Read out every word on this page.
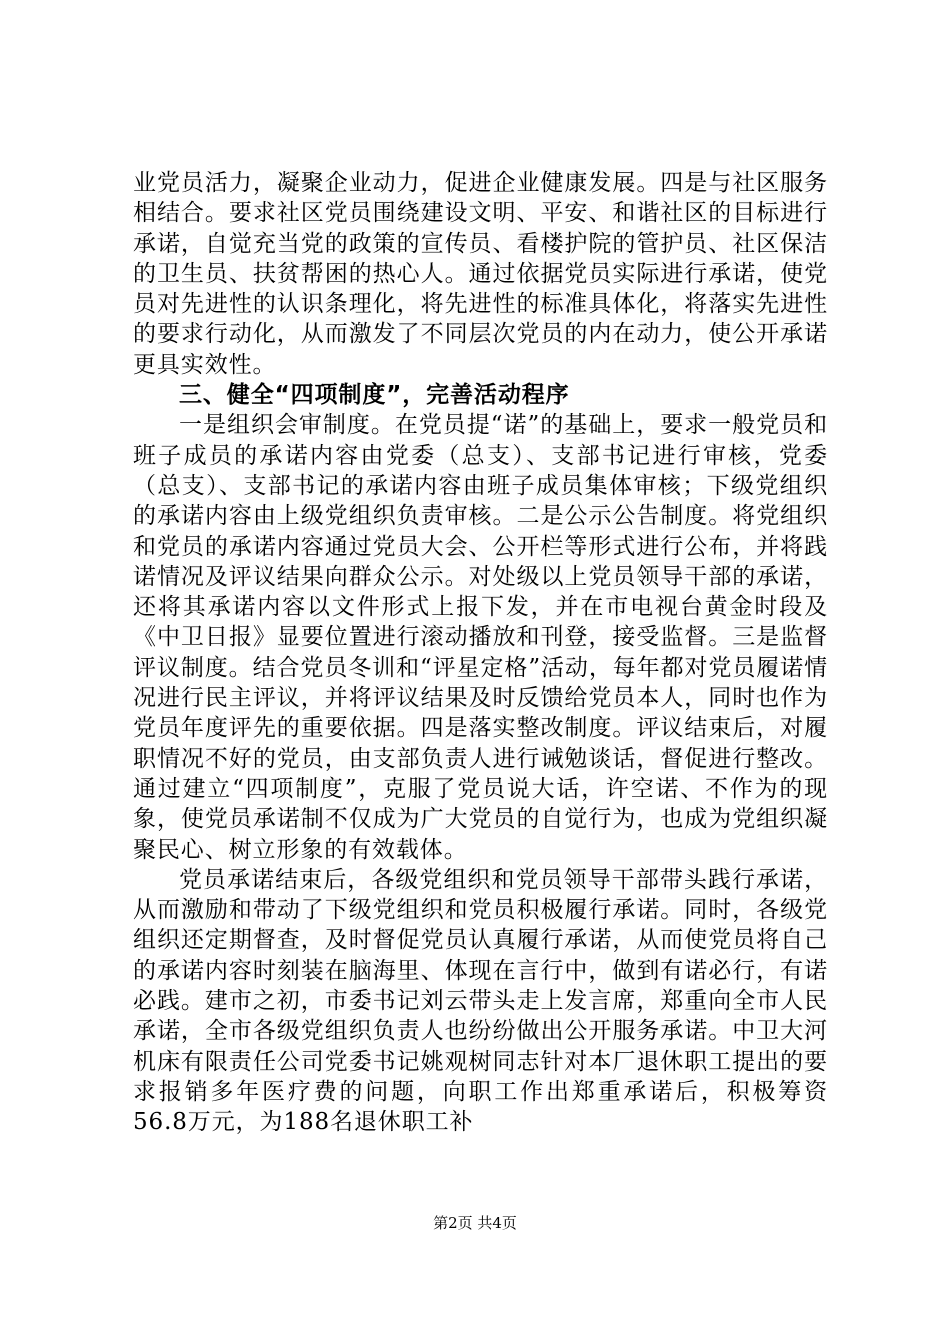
业党员活力，凝聚企业动力，促进企业健康发展。四是与社区服务相结合。要求社区党员围绕建设文明、平安、和谐社区的目标进行承诺，自觉充当党的政策的宣传员、看楼护院的管护员、社区保洁的卫生员、扶贫帮困的热心人。通过依据党员实际进行承诺，使党员对先进性的认识条理化，将先进性的标准具体化，将落实先进性的要求行动化，从而激发了不同层次党员的内在动力，使公开承诺更具实效性。

三、健全“四项制度”，完善活动程序

一是组织会审制度。在党员提“诺”的基础上，要求一般党员和班子成员的承诺内容由党委（总支）、支部书记进行审核，党委（总支）、支部书记的承诺内容由班子成员集体审核；下级党组织的承诺内容由上级党组织负责审核。二是公示公告制度。将党组织和党员的承诺内容通过党员大会、公开栏等形式进行公布，并将践诺情况及评议结果向群众公示。对处级以上党员领导干部的承诺，还将其承诺内容以文件形式上报下发，并在市电视台黄金时段及《中卫日报》显要位置进行滚动播放和刊登，接受监督。三是监督评议制度。结合党员冬训和“评星定格”活动，每年都对党员履诺情况进行民主评议，并将评议结果及时反馈给党员本人，同时也作为党员年度评先的重要依据。四是落实整改制度。评议结束后，对履职情况不好的党员，由支部负责人进行诫勉谈话，督促进行整改。通过建立“四项制度”，克服了党员说大话，许空诺、不作为的现象，使党员承诺制不仅成为广大党员的自觉行为，也成为党组织凝聚民心、树立形象的有效载体。

党员承诺结束后，各级党组织和党员领导干部带头践行承诺，从而激励和带动了下级党组织和党员积极履行承诺。同时，各级党组织还定期督查，及时督促党员认真履行承诺，从而使党员将自己的承诺内容时刻装在脑海里、体现在言行中，做到有诺必行，有诺必践。建市之初，市委书记刘云带头走上发言席，郑重向全市人民承诺，全市各级党组织负责人也纷纷做出公开服务承诺。中卫大河机床有限责任公司党委书记姚观树同志针对本厂退休职工提出的要求报销多年医疗费的问题，向职工作出郑重承诺后，积极筹资56.8万元，为188名退休职工补

第2页 共4页
